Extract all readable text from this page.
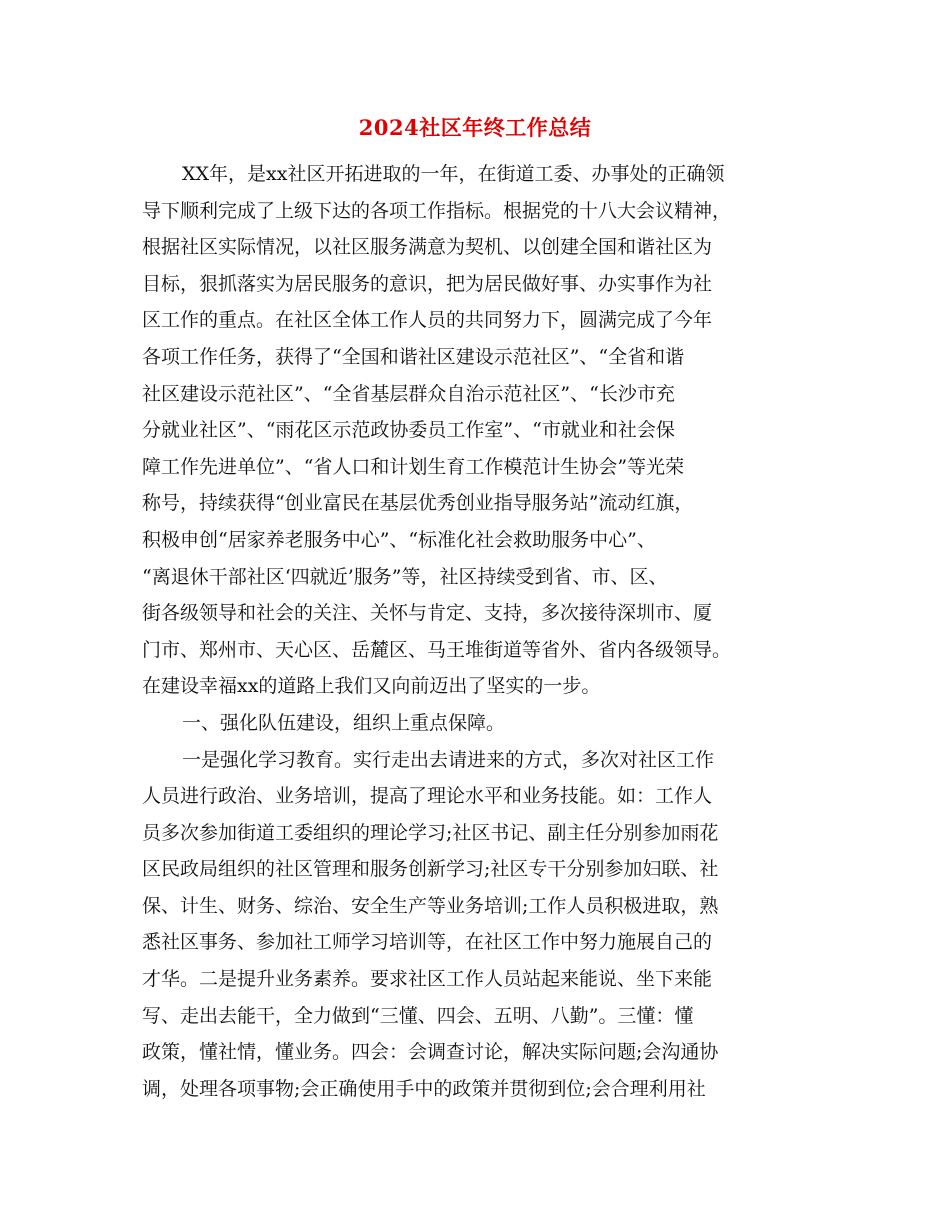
2024社区年终工作总结
XX年，是xx社区开拓进取的一年，在街道工委、办事处的正确领
导下顺利完成了上级下达的各项工作指标。根据党的十八大会议精神，
根据社区实际情况，以社区服务满意为契机、以创建全国和谐社区为
目标，狠抓落实为居民服务的意识，把为居民做好事、办实事作为社
区工作的重点。在社区全体工作人员的共同努力下，圆满完成了今年
各项工作任务，获得了“全国和谐社区建设示范社区”、“全省和谐
社区建设示范社区”、“全省基层群众自治示范社区”、“长沙市充
分就业社区”、“雨花区示范政协委员工作室”、“市就业和社会保
障工作先进单位”、“省人口和计划生育工作模范计生协会”等光荣
称号，持续获得“创业富民在基层优秀创业指导服务站”流动红旗，
积极申创“居家养老服务中心”、“标准化社会救助服务中心”、
“离退休干部社区‘四就近’服务”等，社区持续受到省、市、区、
街各级领导和社会的关注、关怀与肯定、支持，多次接待深圳市、厦
门市、郑州市、天心区、岳麓区、马王堆街道等省外、省内各级领导。
在建设幸福xx的道路上我们又向前迈出了坚实的一步。
一、强化队伍建设，组织上重点保障。
一是强化学习教育。实行走出去请进来的方式，多次对社区工作
人员进行政治、业务培训，提高了理论水平和业务技能。如：工作人
员多次参加街道工委组织的理论学习;社区书记、副主任分别参加雨花
区民政局组织的社区管理和服务创新学习;社区专干分别参加妇联、社
保、计生、财务、综治、安全生产等业务培训;工作人员积极进取，熟
悉社区事务、参加社工师学习培训等，在社区工作中努力施展自己的
才华。二是提升业务素养。要求社区工作人员站起来能说、坐下来能
写、走出去能干，全力做到“三懂、四会、五明、八勤”。三懂：懂
政策，懂社情，懂业务。四会：会调查讨论，解决实际问题;会沟通协
调，处理各项事物;会正确使用手中的政策并贯彻到位;会合理利用社
